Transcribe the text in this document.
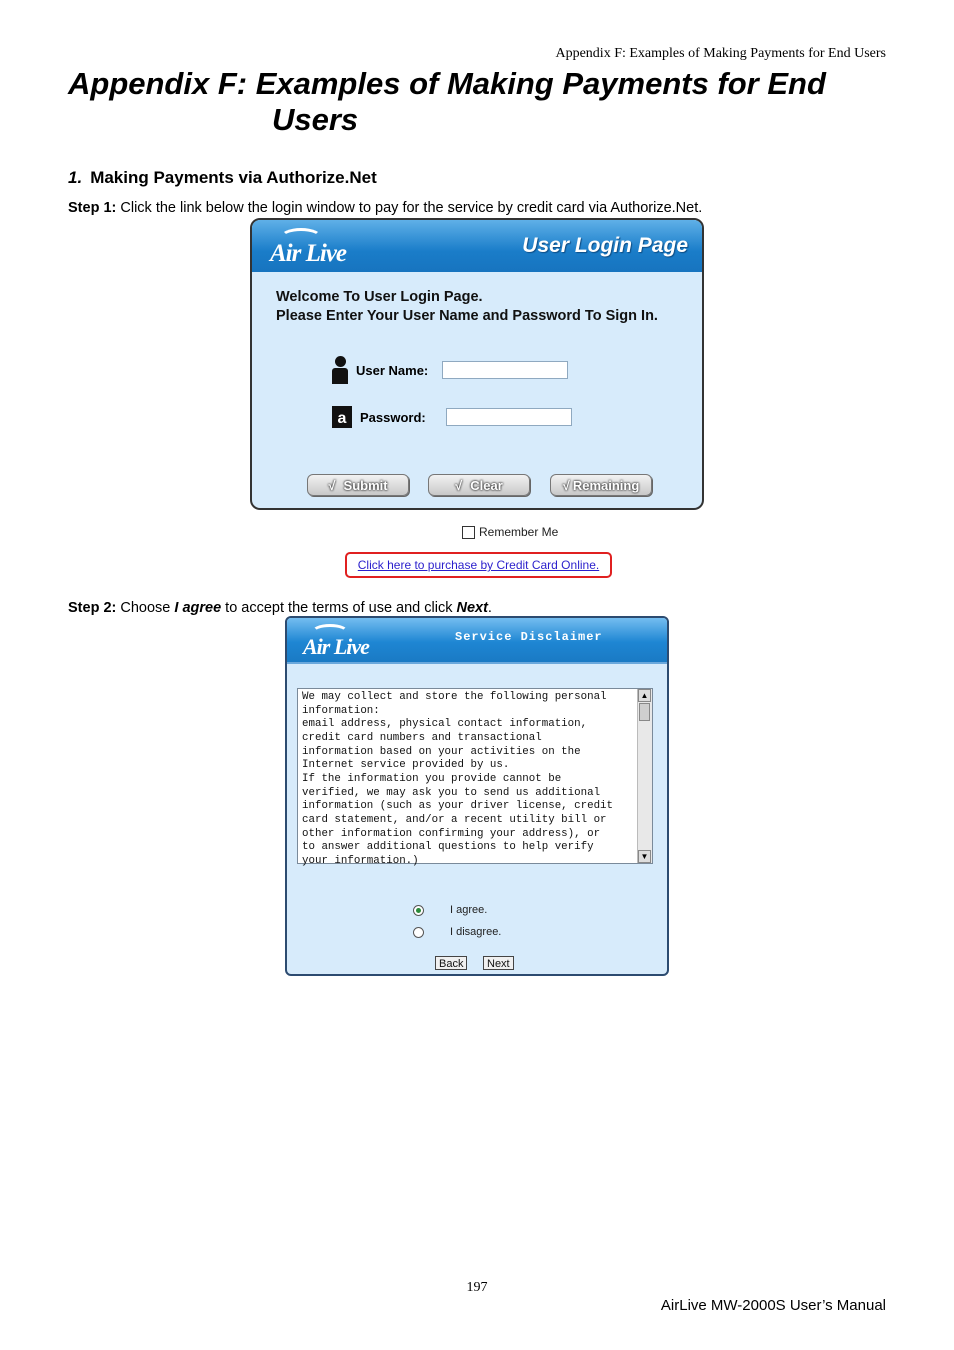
Appendix F: Examples of Making Payments for End Users
Appendix F: Examples of Making Payments for End
Users
1. Making Payments via Authorize.Net

Step 1: Click the link below the login window to pay for the service by credit card via Authorize.Net.

Air Live	User Login Page
Welcome To User Login Page.
Please Enter Your User Name and Password To Sign In.
User Name:
a	Password:
√ Submit	√ Clear	√ Remaining
Remember Me
Click here to purchase by Credit Card Online.

Step 2: Choose I agree to accept the terms of use and click Next.

Air Live	Service Disclaimer
We may collect and store the following personal
information:
email address, physical contact information,
credit card numbers and transactional
information based on your activities on the
Internet service provided by us.
If the information you provide cannot be
verified, we may ask you to send us additional
information (such as your driver license, credit
card statement, and/or a recent utility bill or
other information confirming your address), or
to answer additional questions to help verify
your information.)
▲
▼
I agree.
I disagree.
Back	Next
197
AirLive MW-2000S User’s Manual
